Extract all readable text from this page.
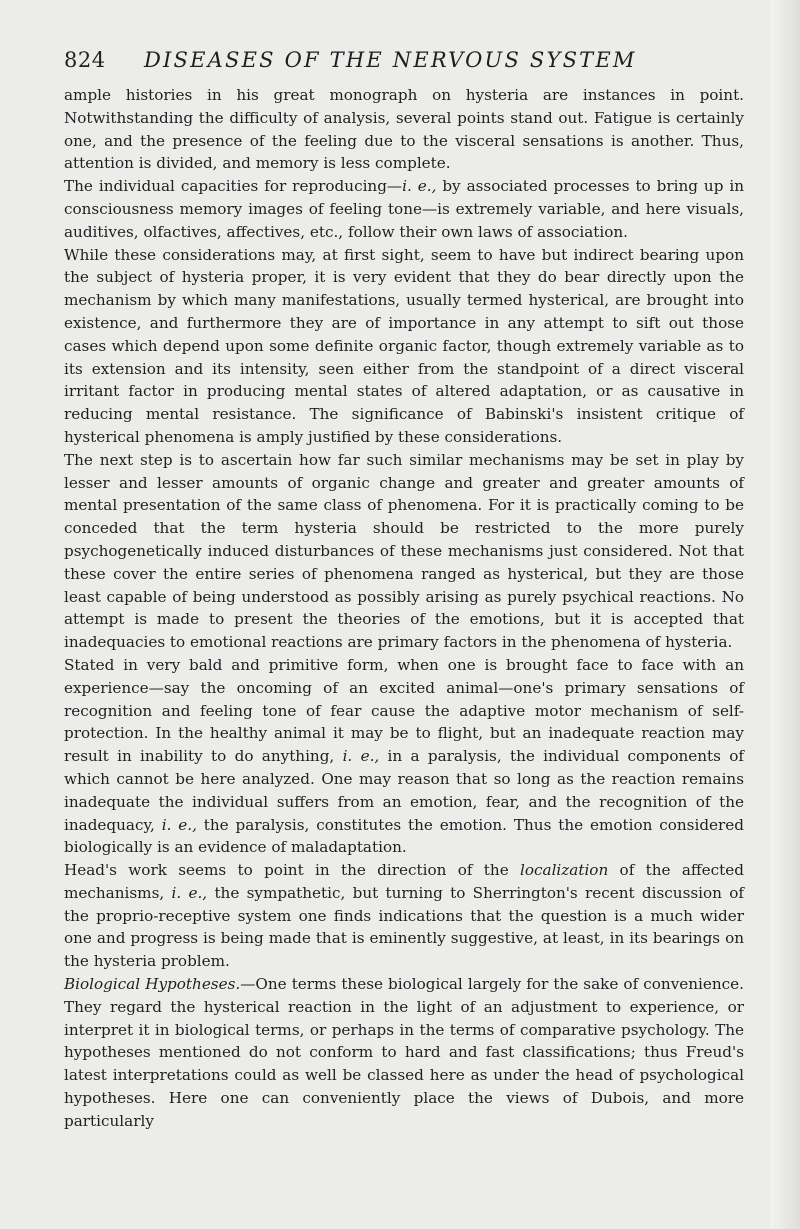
824 DISEASES OF THE NERVOUS SYSTEM

ample histories in his great monograph on hysteria are instances in point. Notwithstanding the difficulty of analysis, several points stand out. Fatigue is certainly one, and the presence of the feeling due to the visceral sensations is another. Thus, attention is divided, and memory is less complete.

The individual capacities for reproducing—i. e., by associated processes to bring up in consciousness memory images of feeling tone—is extremely variable, and here visuals, auditives, olfactives, affectives, etc., follow their own laws of association.

While these considerations may, at first sight, seem to have but indirect bearing upon the subject of hysteria proper, it is very evident that they do bear directly upon the mechanism by which many manifestations, usually termed hysterical, are brought into existence, and furthermore they are of importance in any attempt to sift out those cases which depend upon some definite organic factor, though extremely variable as to its extension and its intensity, seen either from the standpoint of a direct visceral irritant factor in producing mental states of altered adaptation, or as causative in reducing mental resistance. The significance of Babinski's insistent critique of hysterical phenomena is amply justified by these considerations.

The next step is to ascertain how far such similar mechanisms may be set in play by lesser and lesser amounts of organic change and greater and greater amounts of mental presentation of the same class of phenomena. For it is practically coming to be conceded that the term hysteria should be restricted to the more purely psychogenetically induced disturbances of these mechanisms just considered. Not that these cover the entire series of phenomena ranged as hysterical, but they are those least capable of being understood as possibly arising as purely psychical reactions. No attempt is made to present the theories of the emotions, but it is accepted that inadequacies to emotional reactions are primary factors in the phenomena of hysteria.

Stated in very bald and primitive form, when one is brought face to face with an experience—say the oncoming of an excited animal—one's primary sensations of recognition and feeling tone of fear cause the adaptive motor mechanism of self-protection. In the healthy animal it may be to flight, but an inadequate reaction may result in inability to do anything, i. e., in a paralysis, the individual components of which cannot be here analyzed. One may reason that so long as the reaction remains inadequate the individual suffers from an emotion, fear, and the recognition of the inadequacy, i. e., the paralysis, constitutes the emotion. Thus the emotion considered biologically is an evidence of maladaptation.

Head's work seems to point in the direction of the localization of the affected mechanisms, i. e., the sympathetic, but turning to Sherrington's recent discussion of the proprio-receptive system one finds indications that the question is a much wider one and progress is being made that is eminently suggestive, at least, in its bearings on the hysteria problem.

Biological Hypotheses.—One terms these biological largely for the sake of convenience. They regard the hysterical reaction in the light of an adjustment to experience, or interpret it in biological terms, or perhaps in the terms of comparative psychology. The hypotheses mentioned do not conform to hard and fast classifications; thus Freud's latest interpretations could as well be classed here as under the head of psychological hypotheses. Here one can conveniently place the views of Dubois, and more particularly
